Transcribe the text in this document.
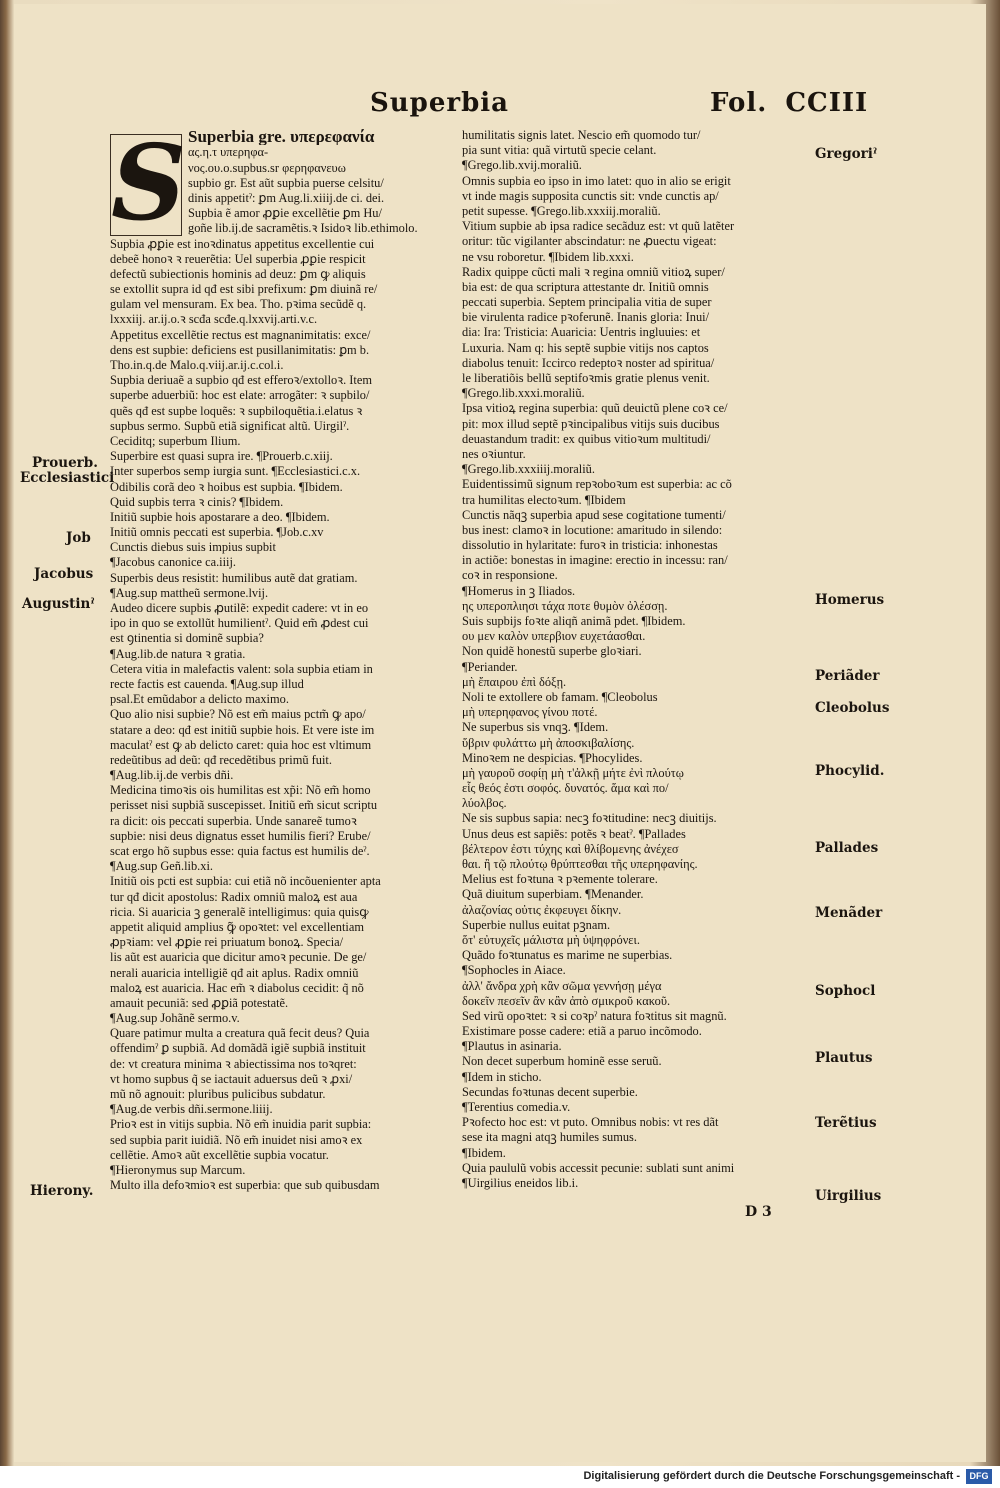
Superbia	Fol. CCIII
S Superbia gre. υπερεφανία
ας.η.τ υπερηφα-
νος.ου.ο.supbus.sr φερηφανευω
supbio gr. Est aũt supbia puerse celsitu/
dinis appetitˀ: ꝑm Aug.li.xiiij.de ci. dei.
Supbia ẽ amor ꝓꝑie excellẽtie ꝑm Hu/
goñe lib.ij.de sacramẽtis.ꝛ Isidoꝛ lib.ethimolo.
Supbia ꝓꝑie est inoꝛdinatus appetitus excellentie cui
debeẽ honoꝛ ꝛ reuerẽtia: Uel superbia ꝓꝑie respicit
defectũ subiectionis hominis ad deuz: ꝑm ꝙ aliquis
se extollit supra id qđ est sibi prefixum: ꝑm diuinã re/
gulam vel mensuram. Ex bea. Tho. pꝛima secũdẽ q.
lxxxiij. ar.ij.o.ꝛ scđa scđe.q.lxxvij.arti.v.c.
Appetitus excellẽtie rectus est magnanimitatis: exce/
dens est supbie: deficiens est pusillanimitatis: ꝑm b.
Tho.in.q.de Malo.q.viij.ar.ij.c.col.i.
Supbia deriuaẽ a supbio qđ est efferoꝛ/extolloꝛ. Item
superbe aduerbiũ: hoc est elate: arrogãter: ꝛ supbilo/
quẽs qđ est supbe loquẽs: ꝛ supbiloquẽtia.i.elatus ꝛ
supbus sermo. Supbũ etiã significat altũ. Uirgilˀ.
Ceciditq; superbum Ilium.
Superbire est quasi supra ire. ¶Prouerb.c.xiij.
Inter superbos semp iurgia sunt. ¶Ecclesiastici.c.x.
Odibilis corã deo ꝛ hoibus est supbia. ¶Ibidem.
Quid supbis terra ꝛ cinis? ¶Ibidem.
Initiũ supbie hois apostarare a deo. ¶Ibidem.
Initiũ omnis peccati est superbia. ¶Job.c.xv
Cunctis diebus suis impius supbit
¶Jacobus canonice ca.iiij.
Superbis deus resistit: humilibus autẽ dat gratiam.
¶Aug.sup mattheũ sermone.lvij.
Audeo dicere supbis ꝓutilẽ: expedit cadere: vt in eo
ipo in quo se extollũt humilientˀ. Quid em̃ ꝓdest cui
est ꝯtinentia si dominẽ supbia?
¶Aug.lib.de natura ꝛ gratia.
Cetera vitia in malefactis valent: sola supbia etiam in
recte factis est cauenda. ¶Aug.sup illud
psal.Et emũdabor a delicto maximo.
Quo alio nisi supbie? Nõ est em̃ maius pctm̃ ꝙ apo/
statare a deo: qđ est initiũ supbie hois. Et vere iste im
maculatˀ est ꝙ ab delicto caret: quia hoc est vltimum
redeũtibus ad deũ: qđ recedẽtibus primũ fuit.
¶Aug.lib.ij.de verbis dñi.
Medicina timoꝛis ois humilitas est xp̃i: Nõ em̃ homo
perisset nisi supbiã suscepisset. Initiũ em̃ sicut scriptu
ra dicit: ois peccati superbia. Unde sanareẽ tumoꝛ
supbie: nisi deus dignatus esset humilis fieri? Erube/
scat ergo hõ supbus esse: quia factus est humilis deˀ.
¶Aug.sup Geñ.lib.xi.
Initiũ ois pcti est supbia: cui etiã nõ incõuenienter apta
tur qđ dicit apostolus: Radix omniũ maloꝝ est aua
ricia. Si auaricia ꝫ generalẽ intelligimus: quia quisꝙ
appetit aliquid amplius ꝙ̃ opoꝛtet: vel excellentiam
ꝓpꝛiam: vel ꝓꝑie rei priuatum bonoꝝ. Specia/
lis aũt est auaricia que dicitur amoꝛ pecunie. De ge/
nerali auaricia intelligiẽ qđ ait aplus. Radix omniũ
maloꝝ est auaricia. Hac em̃ ꝛ diabolus cecidit: q̃ nõ
amauit pecuniã: sed ꝓꝑiã potestatẽ.
¶Aug.sup Johãnẽ sermo.v.
Quare patimur multa a creatura quã fecit deus? Quia
offendimˀ ꝑ supbiã. Ad domãdã igiẽ supbiã instituit
de: vt creatura minima ꝛ abiectissima nos toꝛqret:
vt homo supbus q̃ se iactauit aduersus deũ ꝛ ꝓxi/
mũ nõ agnouit: pluribus pulicibus subdatur.
¶Aug.de verbis dñi.sermone.liiij.
Prioꝛ est in vitijs supbia. Nõ em̃ inuidia parit supbia:
sed supbia parit iuidiã. Nõ em̃ inuidet nisi amoꝛ ex
cellẽtie. Amoꝛ aũt excellẽtie supbia vocatur.
¶Hieronymus sup Marcum.
Multo illa defoꝛmioꝛ est superbia: que sub quibusdam
humilitatis signis latet. Nescio em̃ quomodo tur/
pia sunt vitia: quã virtutũ specie celant.
¶Grego.lib.xvij.moraliũ.
Omnis supbia eo ipso in imo latet: quo in alio se erigit
vt inde magis supposita cunctis sit: vnde cunctis ap/
petit supesse. ¶Grego.lib.xxxiij.moraliũ.
Vitium supbie ab ipsa radice secãduz est: vt quũ latẽter
oritur: tũc vigilanter abscindatur: ne ꝓuectu vigeat:
ne vsu roboretur. ¶Ibidem lib.xxxi.
Radix quippe cũcti mali ꝛ regina omniũ vitioꝝ super/
bia est: de qua scriptura attestante dr. Initiũ omnis
peccati superbia. Septem principalia vitia de super
bie virulenta radice pꝛoferunẽ. Inanis gloria: Inui/
dia: Ira: Tristicia: Auaricia: Uentris ingluuies: et
Luxuria. Nam q: his septẽ supbie vitijs nos captos
diabolus tenuit: Iccirco redeptoꝛ noster ad spiritua/
le liberatiõis bellũ septifoꝛmis gratie plenus venit.
¶Grego.lib.xxxi.moraliũ.
Ipsa vitioꝝ regina superbia: quũ deuictũ plene coꝛ ce/
pit: mox illud septẽ pꝛincipalibus vitijs suis ducibus
deuastandum tradit: ex quibus vitioꝛum multitudi/
nes oꝛiuntur.
¶Grego.lib.xxxiiij.moraliũ.
Euidentissimũ signum repꝛoboꝛum est superbia: ac cõ
tra humilitas electoꝛum. ¶Ibidem
Cunctis nãqꝫ superbia apud sese cogitatione tumenti/
bus inest: clamoꝛ in locutione: amaritudo in silendo:
dissolutio in hylaritate: furoꝛ in tristicia: inhonestas
in actiõe: bonestas in imagine: erectio in incessu: ran/
coꝛ in responsione.
¶Homerus in ꝫ Iliados.
ης υπεροπλιησι τάχα ποτε θυμὸν ὀλέσσῃ.
Suis supbijs foꝛte aliqñ animã pdet. ¶Ibidem.
ου μεν καλὸν υπερβιον ευχετάασθαι.
Non quidẽ honestũ superbe gloꝛiari.
¶Periander.
μὴ ἔπαιρου ἐπὶ δόξῃ.
Noli te extollere ob famam. ¶Cleobolus
μὴ υπερηφανος γίνου ποτέ.
Ne superbus sis vnqꝫ. ¶Idem.
ὕβριν φυλάττω μὴ ἀποσκιβαλίσης.
Minoꝛem ne despicias. ¶Phocylides.
μὴ γαυροῦ σοφίῃ μὴ τ'ἀλκῇ μήτε ἐνὶ πλούτῳ
εἷς θεός ἐστι σοφός. δυνατός. ἅμα καὶ πο/
λύολβος.
Ne sis supbus sapia: necꝫ foꝛtitudine: necꝫ diuitijs.
Unus deus est sapiẽs: potẽs ꝛ beatˀ. ¶Pallades
βέλτερον ἐστι τύχης καὶ θλίβομενης ἀνέχεσ
θαι. ἢ τῷ πλούτῳ θρύπτεσθαι τῆς υπερηφανίης.
Melius est foꝛtuna ꝛ pꝛemente tolerare.
Quã diuitum superbiam. ¶Menander.
ἀλαζονίας οὐτις ἐκφευγει δίκην.
Superbie nullus euitat pꝫnam.
ὅτ' εὐτυχεῖς μάλιστα μὴ ὑψηφρόνει.
Quãdo foꝛtunatus es marime ne superbias.
¶Sophocles in Aiace.
ἀλλ' ἄνδρα χρὴ κἂν σῶμα γεννήσῃ μέγα
δοκεῖν πεσεῖν ἂν κἂν ἀπὸ σμικροῦ κακοῦ.
Sed virũ opoꝛtet: ꝛ si coꝛpˀ natura foꝛtitus sit magnũ.
Existimare posse cadere: etiã a paruo incõmodo.
¶Plautus in asinaria.
Non decet superbum hominẽ esse seruũ.
¶Idem in sticho.
Secundas foꝛtunas decent superbie.
¶Terentius comedia.v.
Pꝛofecto hoc est: vt puto. Omnibus nobis: vt res dãt
sese ita magni atqꝫ humiles sumus.
¶Ibidem.
Quia paululũ vobis accessit pecunie: sublati sunt animi
¶Uirgilius eneidos lib.i.
Gregoriˀ
Prouerb.
Ecclesiastici
Job
Jacobus
Augustinˀ	Homerus
Periãder
Cleobolus
Phocylid.
Pallades
Menãder
Sophocl
Plautus
Terẽtius
Hierony.	Uirgilius
D 3
Digitalisierung gefördert durch die Deutsche Forschungsgemeinschaft -	DFG
